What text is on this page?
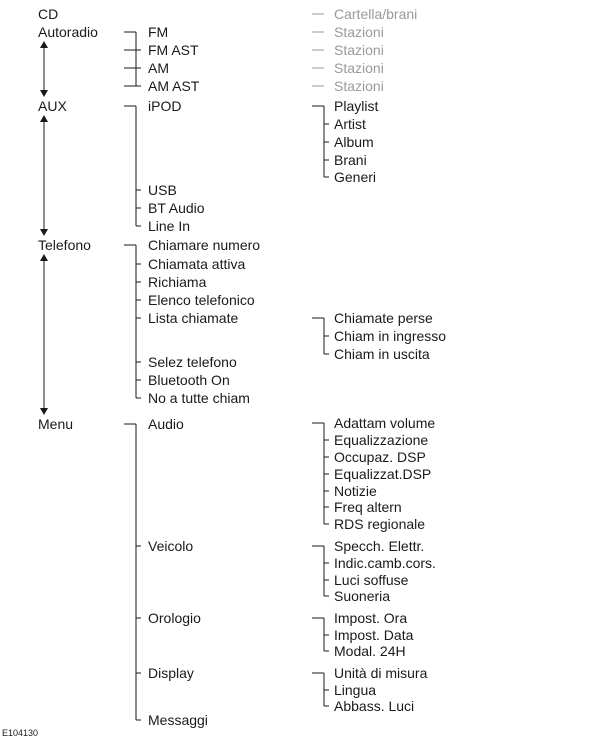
CD	Cartella/brani
Autoradio	FM	Stazioni
FM AST	Stazioni
AM	Stazioni
AM AST	Stazioni
AUX	iPOD	Playlist
Artist
Album
Brani
Generi
USB
BT Audio
Line In
Telefono	Chiamare numero
Chiamata attiva
Richiama
Elenco telefonico
Lista chiamate	Chiamate perse
Chiam in ingresso
Chiam in uscita
Selez telefono
Bluetooth On
No a tutte chiam
Menu	Audio	Adattam volume
Equalizzazione
Occupaz. DSP
Equalizzat.DSP
Notizie
Freq altern
RDS regionale
Veicolo	Specch. Elettr.
Indic.camb.cors.
Luci soffuse
Suoneria
Orologio	Impost. Ora
Impost. Data
Modal. 24H
Display	Unità di misura
Lingua
Abbass. Luci
Messaggi
E104130
